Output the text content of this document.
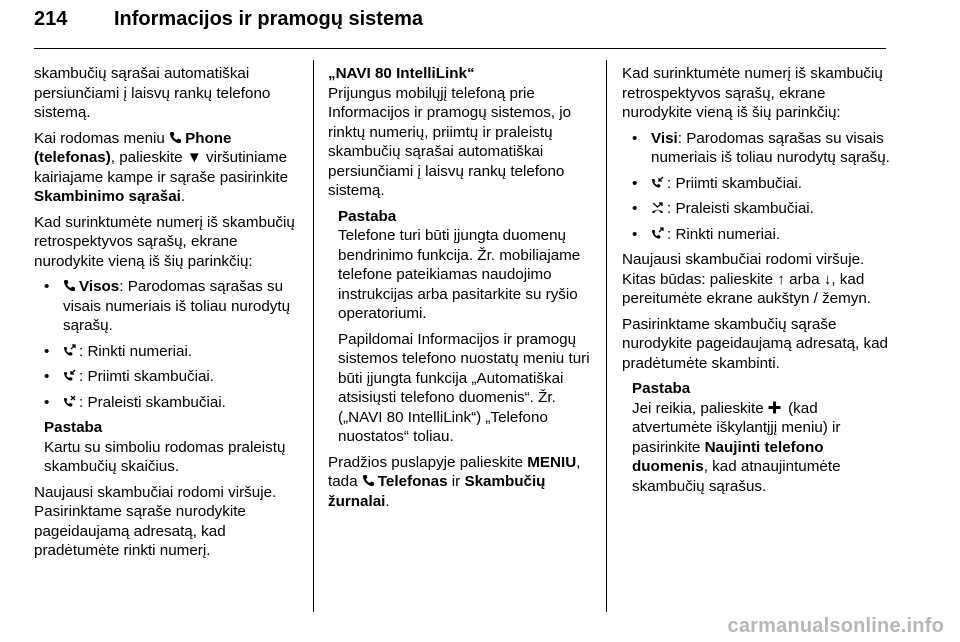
214 Informacijos ir pramogų sistema

skambučių sąrašai automatiškai persiunčiami į laisvų rankų telefono sistemą.

Kai rodomas meniu
Phone (telefonas), palieskite ▼ viršutiniame kairiajame kampe ir sąraše pasirinkite Skambinimo sąrašai.

Kad surinktumėte numerį iš skambučių retrospektyvos sąrašų, ekrane nurodykite vieną iš šių parinkčių:

• Visos: Parodomas sąrašas su visais numeriais iš toliau nurodytų sąrašų.
• : Rinkti numeriai.
• : Priimti skambučiai.
• : Praleisti skambučiai.
Pastaba

Kartu su simboliu rodomas praleistų skambučių skaičius.

Naujausi skambučiai rodomi viršuje. Pasirinktame sąraše nurodykite pageidaujamą adresatą, kad pradėtumėte rinkti numerį.

„NAVI 80 IntelliLink“

Prijungus mobilųjį telefoną prie Informacijos ir pramogų sistemos, jo rinktų numerių, priimtų ir praleistų skambučių sąrašai automatiškai persiunčiami į laisvų rankų telefono sistemą.

Pastaba

Telefone turi būti įjungta duomenų bendrinimo funkcija. Žr. mobiliajame telefone pateikiamas naudojimo instrukcijas arba pasitarkite su ryšio operatoriumi.

Papildomai Informacijos ir pramogų sistemos telefono nuostatų meniu turi būti įjungta funkcija „Automatiškai atsisiųsti telefono duomenis“. Žr. („NAVI 80 IntelliLink“) „Telefono nuostatos“ toliau.

Pradžios puslapyje palieskite MENIU, tada
Telefonas ir Skambučių žurnalai.

Kad surinktumėte numerį iš skambučių retrospektyvos sąrašų, ekrane nurodykite vieną iš šių parinkčių:

• Visi: Parodomas sąrašas su visais numeriais iš toliau nurodytų sąrašų.
• : Priimti skambučiai.
• : Praleisti skambučiai.
• : Rinkti numeriai.

Naujausi skambučiai rodomi viršuje. Kitas būdas: palieskite ↑ arba ↓, kad pereitumėte ekrane aukštyn / žemyn.

Pasirinktame skambučių sąraše nurodykite pageidaujamą adresatą, kad pradėtumėte skambinti.

Pastaba

Jei reikia, palieskite
(kad atvertumėte iškylantįjį meniu) ir pasirinkite Naujinti telefono duomenis, kad atnaujintumėte skambučių sąrašus.

carmanualsonline.info
